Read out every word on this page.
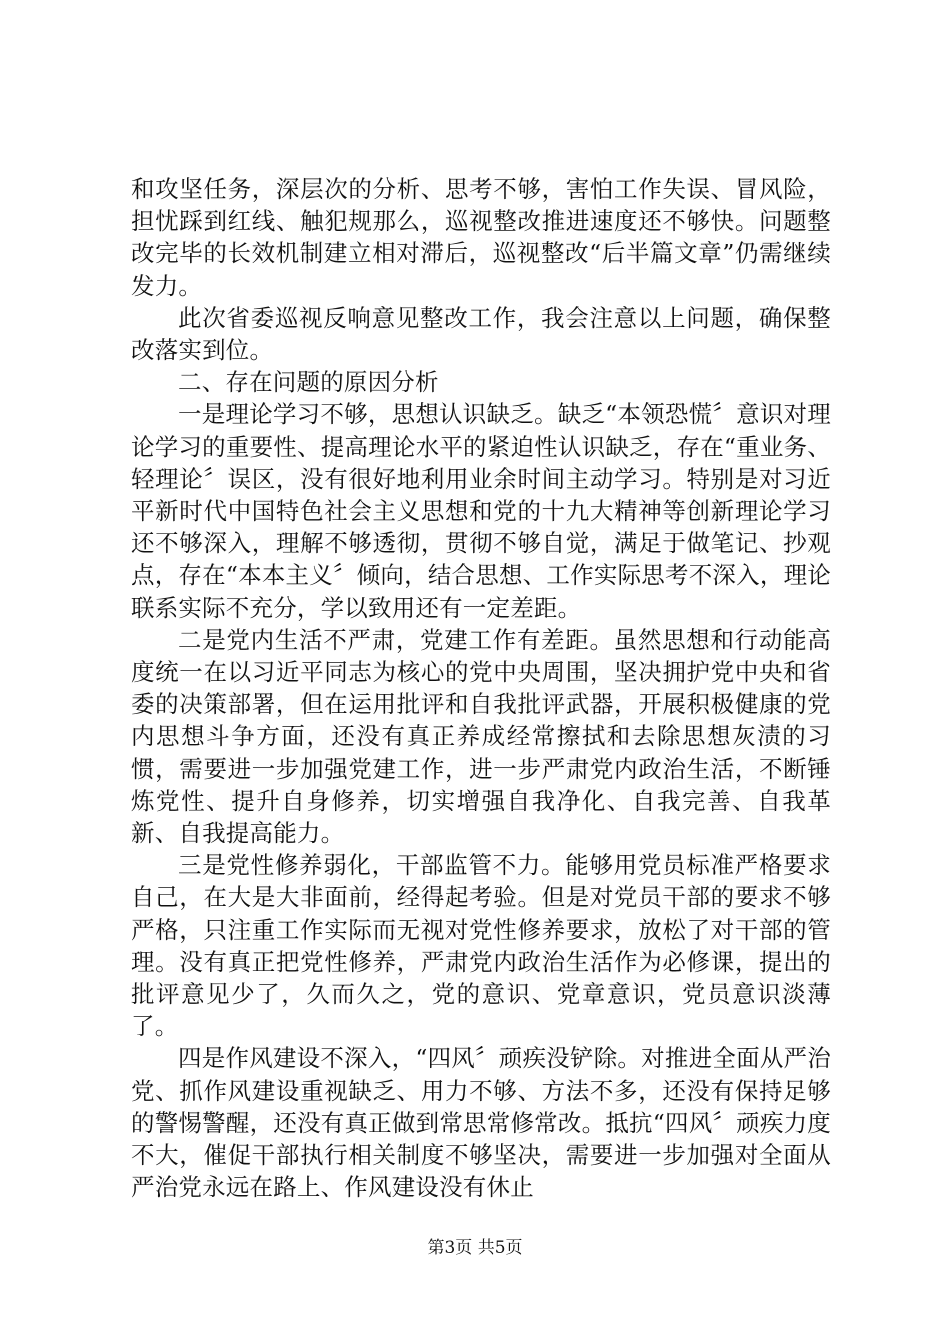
和攻坚任务，深层次的分析、思考不够，害怕工作失误、冒风险，担忧踩到红线、触犯规那么，巡视整改推进速度还不够快。问题整改完毕的长效机制建立相对滞后，巡视整改“后半篇文章”仍需继续发力。

此次省委巡视反响意见整改工作，我会注意以上问题，确保整改落实到位。

二、存在问题的原因分析

一是理论学习不够，思想认识缺乏。缺乏“本领恐慌〞意识对理论学习的重要性、提高理论水平的紧迫性认识缺乏，存在“重业务、轻理论〞误区，没有很好地利用业余时间主动学习。特别是对习近平新时代中国特色社会主义思想和党的十九大精神等创新理论学习还不够深入，理解不够透彻，贯彻不够自觉，满足于做笔记、抄观点，存在“本本主义〞倾向，结合思想、工作实际思考不深入，理论联系实际不充分，学以致用还有一定差距。

二是党内生活不严肃，党建工作有差距。虽然思想和行动能高度统一在以习近平同志为核心的党中央周围，坚决拥护党中央和省委的决策部署，但在运用批评和自我批评武器，开展积极健康的党内思想斗争方面，还没有真正养成经常擦拭和去除思想灰渍的习惯，需要进一步加强党建工作，进一步严肃党内政治生活，不断锤炼党性、提升自身修养，切实增强自我净化、自我完善、自我革新、自我提高能力。

三是党性修养弱化，干部监管不力。能够用党员标准严格要求自己，在大是大非面前，经得起考验。但是对党员干部的要求不够严格，只注重工作实际而无视对党性修养要求，放松了对干部的管理。没有真正把党性修养，严肃党内政治生活作为必修课，提出的批评意见少了，久而久之，党的意识、党章意识，党员意识淡薄了。

四是作风建设不深入，“四风〞顽疾没铲除。对推进全面从严治党、抓作风建设重视缺乏、用力不够、方法不多，还没有保持足够的警惕警醒，还没有真正做到常思常修常改。抵抗“四风〞顽疾力度不大，催促干部执行相关制度不够坚决，需要进一步加强对全面从严治党永远在路上、作风建设没有休止

第3页 共5页
